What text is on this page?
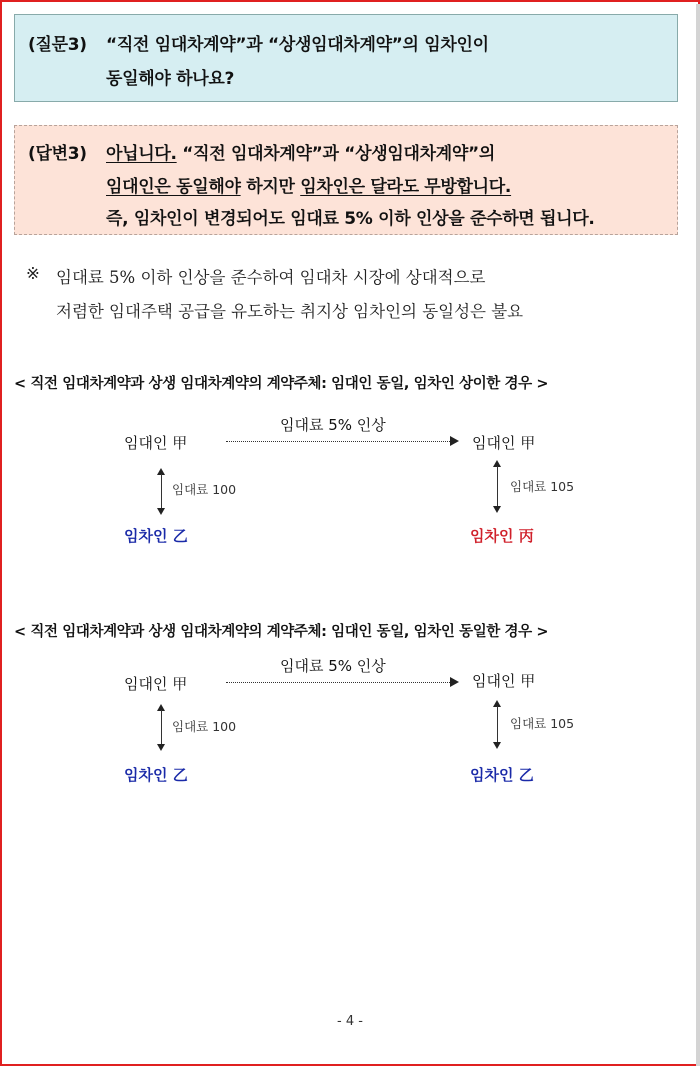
(질문3) “직전 임대차계약”과 “상생임대차계약”의 임차인이
동일해야 하나요?
(답변3) 아닙니다. “직전 임대차계약”과 “상생임대차계약”의
임대인은 동일해야 하지만 임차인은 달라도 무방합니다.
즉, 임차인이 변경되어도 임대료 5% 이하 인상을 준수하면 됩니다.
※ 임대료 5% 이하 인상을 준수하여 임대차 시장에 상대적으로
저렴한 임대주택 공급을 유도하는 취지상 임차인의 동일성은 불요
< 직전 임대차계약과 상생 임대차계약의 계약주체: 임대인 동일, 임차인 상이한 경우 >
임대료 5% 인상
임대인 甲	임대인 甲
임대료 100	임대료 105
임차인 乙	임차인 丙
< 직전 임대차계약과 상생 임대차계약의 계약주체: 임대인 동일, 임차인 동일한 경우 >
임대료 5% 인상
임대인 甲	임대인 甲
임대료 100	임대료 105
임차인 乙	임차인 乙
- 4 -
